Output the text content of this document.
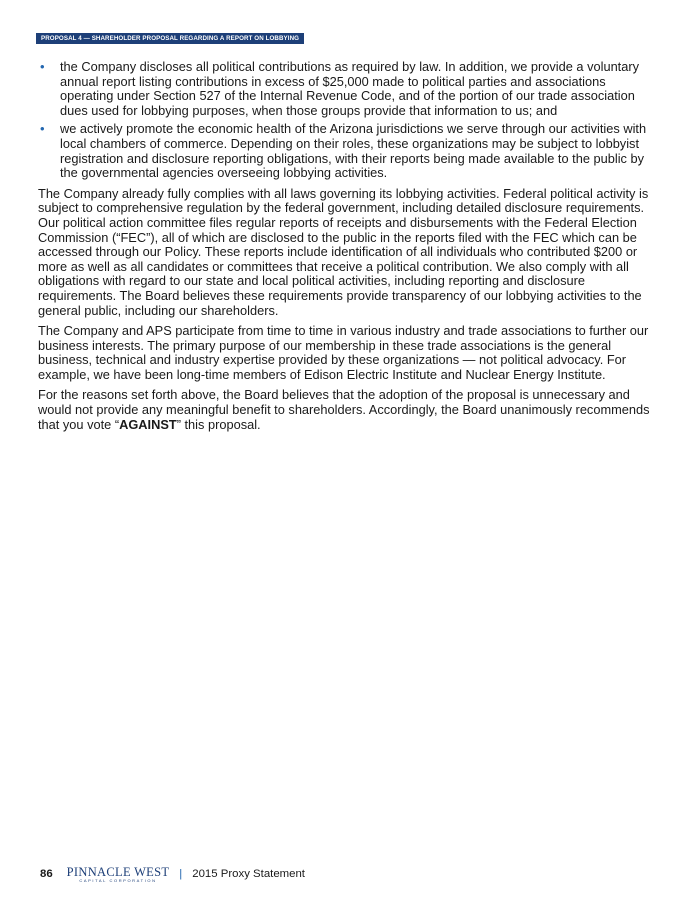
PROPOSAL 4 — SHAREHOLDER PROPOSAL REGARDING A REPORT ON LOBBYING
• the Company discloses all political contributions as required by law. In addition, we provide a voluntary annual report listing contributions in excess of $25,000 made to political parties and associations operating under Section 527 of the Internal Revenue Code, and of the portion of our trade association dues used for lobbying purposes, when those groups provide that information to us; and
• we actively promote the economic health of the Arizona jurisdictions we serve through our activities with local chambers of commerce. Depending on their roles, these organizations may be subject to lobbyist registration and disclosure reporting obligations, with their reports being made available to the public by the governmental agencies overseeing lobbying activities.

The Company already fully complies with all laws governing its lobbying activities. Federal political activity is subject to comprehensive regulation by the federal government, including detailed disclosure requirements. Our political action committee files regular reports of receipts and disbursements with the Federal Election Commission (“FEC”), all of which are disclosed to the public in the reports filed with the FEC which can be accessed through our Policy. These reports include identification of all individuals who contributed $200 or more as well as all candidates or committees that receive a political contribution. We also comply with all obligations with regard to our state and local political activities, including reporting and disclosure requirements. The Board believes these requirements provide transparency of our lobbying activities to the general public, including our shareholders.

The Company and APS participate from time to time in various industry and trade associations to further our business interests. The primary purpose of our membership in these trade associations is the general business, technical and industry expertise provided by these organizations — not political advocacy. For example, we have been long-time members of Edison Electric Institute and Nuclear Energy Institute.

For the reasons set forth above, the Board believes that the adoption of the proposal is unnecessary and would not provide any meaningful benefit to shareholders. Accordingly, the Board unanimously recommends that you vote “AGAINST” this proposal.

86 PINNACLE WEST
CAPITAL CORPORATION | 2015 Proxy Statement
